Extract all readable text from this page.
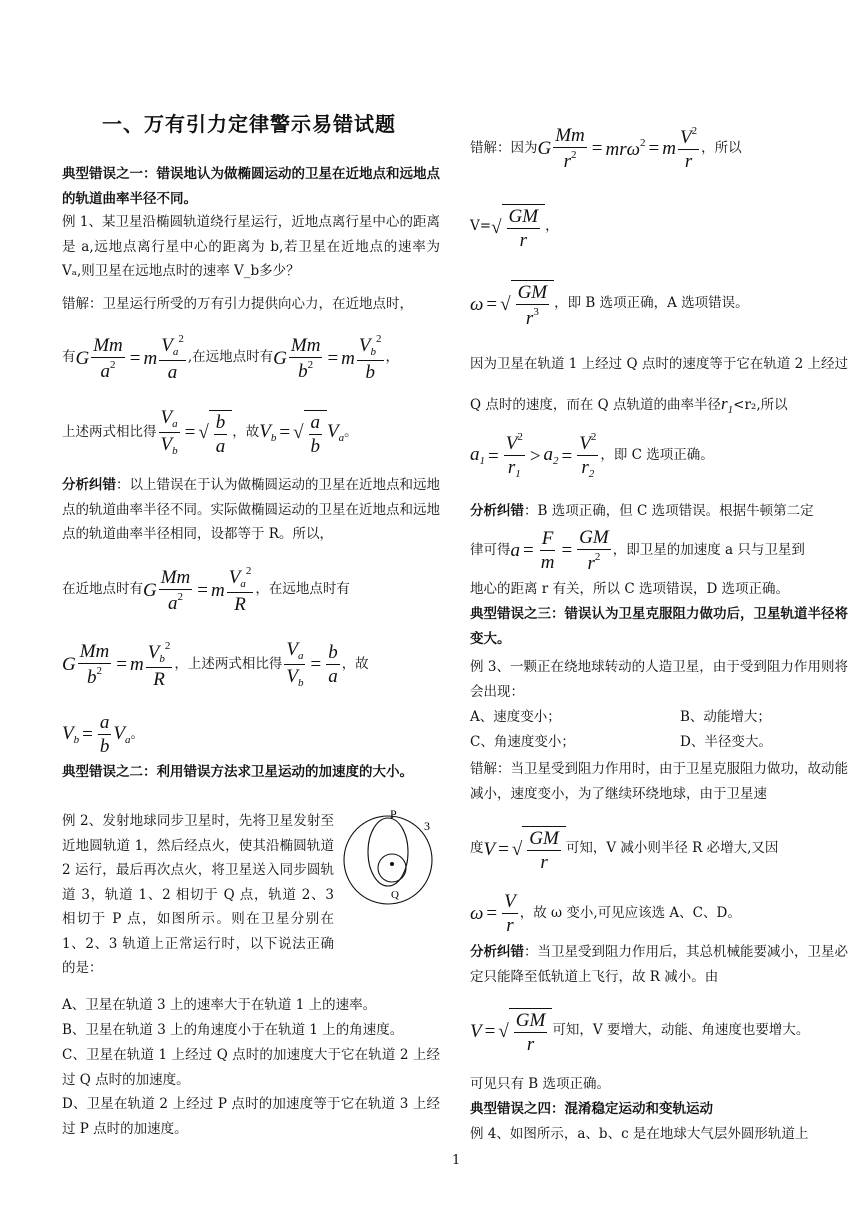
一、万有引力定律警示易错试题
典型错误之一：错误地认为做椭圆运动的卫星在近地点和远地点的轨道曲率半径不同。
例 1、某卫星沿椭圆轨道绕行星运行，近地点离行星中心的距离是 a,远地点离行星中心的距离为 b,若卫星在近地点的速率为 Vₐ,则卫星在远地点时的速率 V_b多少？
错解：卫星运行所受的万有引力提供向心力，在近地点时，
有 G $\frac{Mm}{a^2} = m \frac{V_a^2}{a}$ ,在远地点时有 G $\frac{Mm}{b^2} = m \frac{V_b^2}{b}$ ，
上述两式相比得 $\frac{V_a}{V_b}$ = √ $\frac{b}{a}$ ，故 $V_b$ = √ $\frac{a}{b} V_a$ 。
分析纠错：以上错误在于认为做椭圆运动的卫星在近地点和远地点的轨道曲率半径不同。实际做椭圆运动的卫星在近地点和远地点的轨道曲率半径相同，设都等于 R。所以，
在近地点时有 G $\frac{Mm}{a^2} = m \frac{V_a^2}{R}$ ，在远地点时有
G $\frac{Mm}{b^2} = m \frac{V_b^2}{R}$ ，上述两式相比得 $\frac{V_a}{V_b} = \frac{b}{a}$ ，故
$V_b = \frac{a}{b} V_a$ 。
典型错误之二：利用错误方法求卫星运动的加速度的大小。
例 2、发射地球同步卫星时，先将卫星发射至近地圆轨道 1，然后经点火，使其沿椭圆轨道 2 运行，最后再次点火，将卫星送入同步圆轨道 3，轨道 1、2 相切于 Q 点，轨道 2、3 相切于 P 点，如图所示。则在卫星分别在 1、2、3 轨道上正常运行时，以下说法正确的是：
P
3
Q
A、卫星在轨道 3 上的速率大于在轨道 1 上的速率。
B、卫星在轨道 3 上的角速度小于在轨道 1 上的角速度。
C、卫星在轨道 1 上经过 Q 点时的加速度大于它在轨道 2 上经过 Q 点时的加速度。
D、卫星在轨道 2 上经过 P 点时的加速度等于它在轨道 3 上经过 P 点时的加速度。
错解：因为 G $\frac{Mm}{r^2} = mr\omega^2 = m \frac{V^2}{r}$ ，所以
V= √ $\frac{GM}{r}$ ，
ω = √ $\frac{GM}{r^3}$ ，即 B 选项正确，A 选项错误。
因为卫星在轨道 1 上经过 Q 点时的速度等于它在轨道 2 上经过 Q 点时的速度，而在 Q 点轨道的曲率半径$r_1<r_2$,所以
$a_1 = \frac{V^2}{r_1} > a_2 = \frac{V^2}{r_2}$ ，即 C 选项正确。
分析纠错：B 选项正确，但 C 选项错误。根据牛顿第二定
律可得 $a = \frac{F}{m} = \frac{GM}{r^2}$ ，即卫星的加速度 a 只与卫星到
地心的距离 r 有关，所以 C 选项错误，D 选项正确。
典型错误之三：错误认为卫星克服阻力做功后，卫星轨道半径将变大。
例 3、一颗正在绕地球转动的人造卫星，由于受到阻力作用则将会出现：
A、速度变小；	B、动能增大；
C、角速度变小；	D、半径变大。
错解：当卫星受到阻力作用时，由于卫星克服阻力做功，故动能减小，速度变小，为了继续环绕地球，由于卫星速
度 V = √ $\frac{GM}{r}$ 可知，V 减小则半径 R 必增大,又因
$\omega = \frac{V}{r}$ ，故 ω 变小,可见应该选 A、C、D。
分析纠错：当卫星受到阻力作用后，其总机械能要减小，卫星必定只能降至低轨道上飞行，故 R 减小。由
V = √ $\frac{GM}{r}$ 可知，V 要增大，动能、角速度也要增大。
可见只有 B 选项正确。
典型错误之四：混淆稳定运动和变轨运动
例 4、如图所示，a、b、c 是在地球大气层外圆形轨道上
1
